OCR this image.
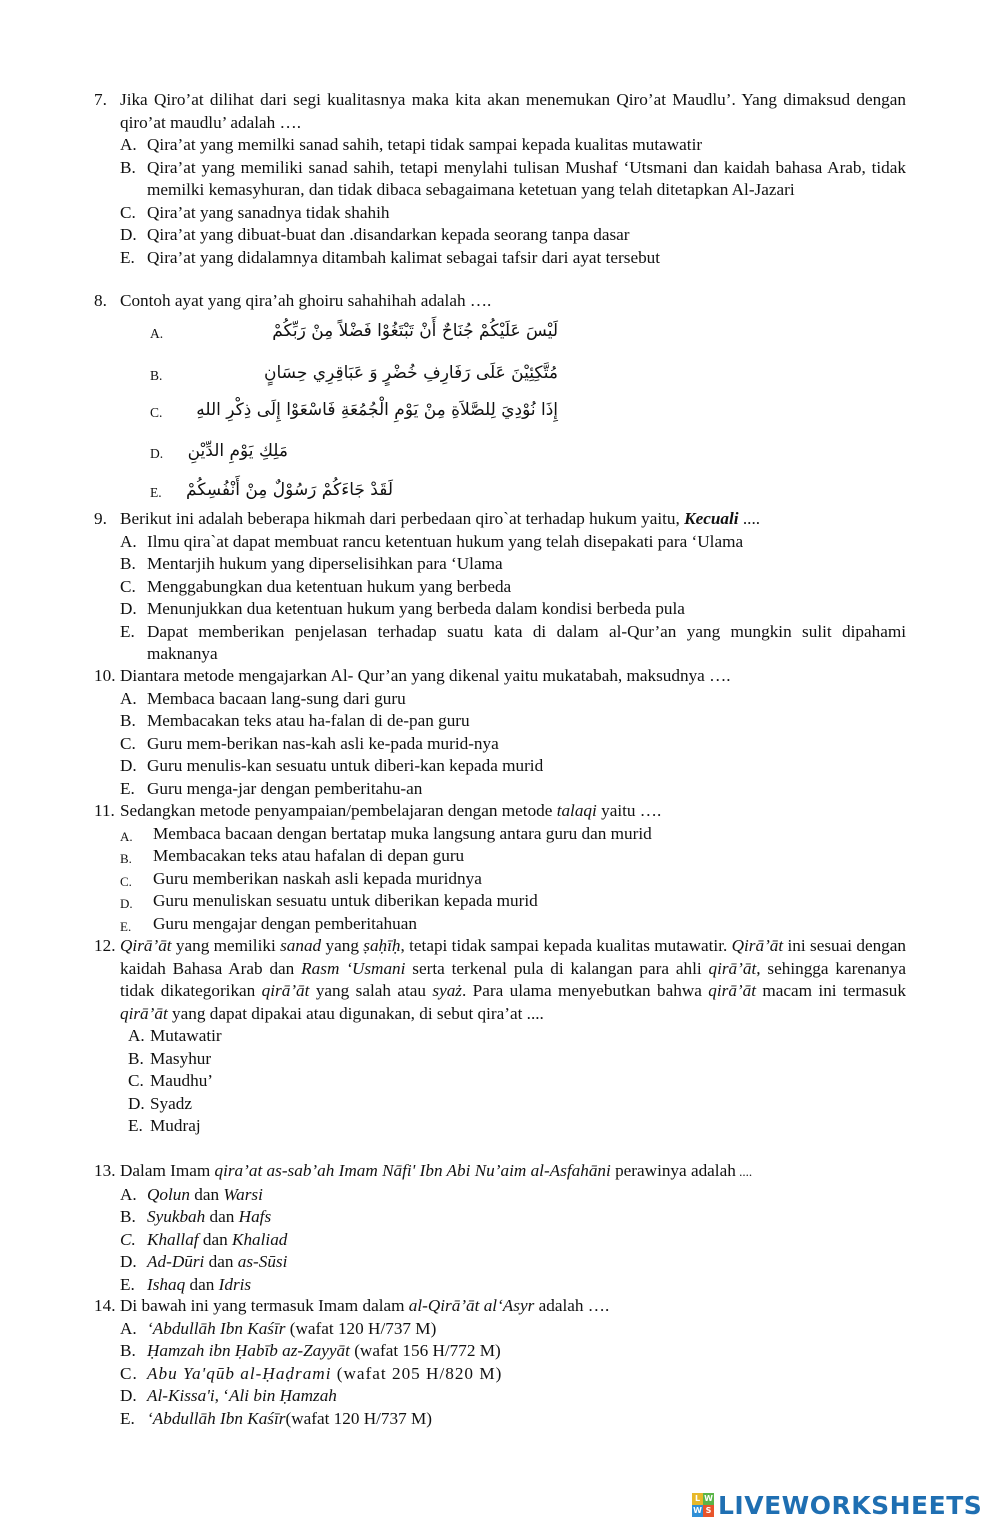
7. Jika Qiro’at dilihat dari segi kualitasnya maka kita akan menemukan Qiro’at Maudlu’. Yang dimaksud dengan qiro’at maudlu’ adalah ….
A. Qira’at yang memilki sanad sahih, tetapi tidak sampai kepada kualitas mutawatir
B. Qira’at yang memiliki sanad sahih, tetapi menylahi tulisan Mushaf ‘Utsmani dan kaidah bahasa Arab, tidak memilki kemasyhuran, dan tidak dibaca sebagaimana ketetuan yang telah ditetapkan Al-Jazari
C. Qira’at yang sanadnya tidak shahih
D. Qira’at yang dibuat-buat dan .disandarkan kepada seorang tanpa dasar
E. Qira’at yang didalamnya ditambah kalimat sebagai tafsir dari ayat tersebut
8. Contoh ayat yang qira’ah ghoiru sahahihah adalah ….
A.	لَيْسَ عَلَيْكُمْ جُنَاحٌ أَنْ تَبْتَغُوْا فَضْلاً مِنْ رَبِّكُمْ
B.	مُتَّكِئِيْنَ عَلَى رَفَارِفِ خُضْرٍ وَ عَبَاقِرِي حِسَانٍ
C.	إِذَا نُوْدِيَ لِلصَّلاَةِ مِنْ يَوْمِ الْجُمُعَةِ فَاسْعَوْا إِلَى ذِكْرِ اللهِ
D.	مَلِكِ يَوْمِ الدِّيْنِ
E.	لَقَدْ جَاءَكُمْ رَسُوْلٌ مِنْ أَنْفُسِكُمْ
9. Berikut ini adalah beberapa hikmah dari perbedaan qiro`at terhadap hukum yaitu, Kecuali ....
A. Ilmu qira`at dapat membuat rancu ketentuan hukum yang telah disepakati para ‘Ulama
B. Mentarjih hukum yang diperselisihkan para ‘Ulama
C. Menggabungkan dua ketentuan hukum yang berbeda
D. Menunjukkan dua ketentuan hukum yang berbeda dalam kondisi berbeda pula
E. Dapat memberikan penjelasan terhadap suatu kata di dalam al-Qur’an yang mungkin sulit dipahami maknanya
10. Diantara metode mengajarkan Al- Qur’an yang dikenal yaitu mukatabah, maksudnya ….
A. Membaca bacaan lang-sung dari guru
B. Membacakan teks atau ha-falan di de-pan guru
C. Guru mem-berikan nas-kah asli ke-pada murid-nya
D. Guru menulis-kan sesuatu untuk diberi-kan kepada murid
E. Guru menga-jar dengan pemberitahu-an
11. Sedangkan metode penyampaian/pembelajaran dengan metode talaqi yaitu ….
A. Membaca bacaan dengan bertatap muka langsung antara guru dan murid
B. Membacakan teks atau hafalan di depan guru
C. Guru memberikan naskah asli kepada muridnya
D. Guru menuliskan sesuatu untuk diberikan kepada murid
E. Guru mengajar dengan pemberitahuan
12. Qirā’āt yang memiliki sanad yang ṣaḥīḥ, tetapi tidak sampai kepada kualitas mutawatir. Qirā’āt ini sesuai dengan kaidah Bahasa Arab dan Rasm ‘Usmani serta terkenal pula di kalangan para ahli qirā’āt, sehingga karenanya tidak dikategorikan qirā’āt yang salah atau syaż. Para ulama menyebutkan bahwa qirā’āt macam ini termasuk qirā’āt yang dapat dipakai atau digunakan, di sebut qira’at ....
A. Mutawatir
B. Masyhur
C. Maudhu’
D. Syadz
E. Mudraj
13. Dalam Imam qira’at as-sab’ah Imam Nāfi' Ibn Abi Nu’aim al-Asfahāni perawinya adalah ....
A. Qolun dan Warsi
B. Syukbah dan Hafs
C. Khallaf dan Khaliad
D. Ad-Dūri dan as-Sūsi
E. Ishaq dan Idris
14. Di bawah ini yang termasuk Imam dalam al-Qirā’āt al‘Asyr adalah ….
A. ‘Abdullāh Ibn Kaśīr (wafat 120 H/737 M)
B. Ḥamzah ibn Ḥabīb az-Zayyāt (wafat 156 H/772 M)
C. Abu Ya'qūb al-Ḥaḍrami (wafat 205 H/820 M)
D. Al-Kissa'i, ‘Ali bin Ḥamzah
E. ‘Abdullāh Ibn Kaśīr(wafat 120 H/737 M)
L W
W S LIVEWORKSHEETS
